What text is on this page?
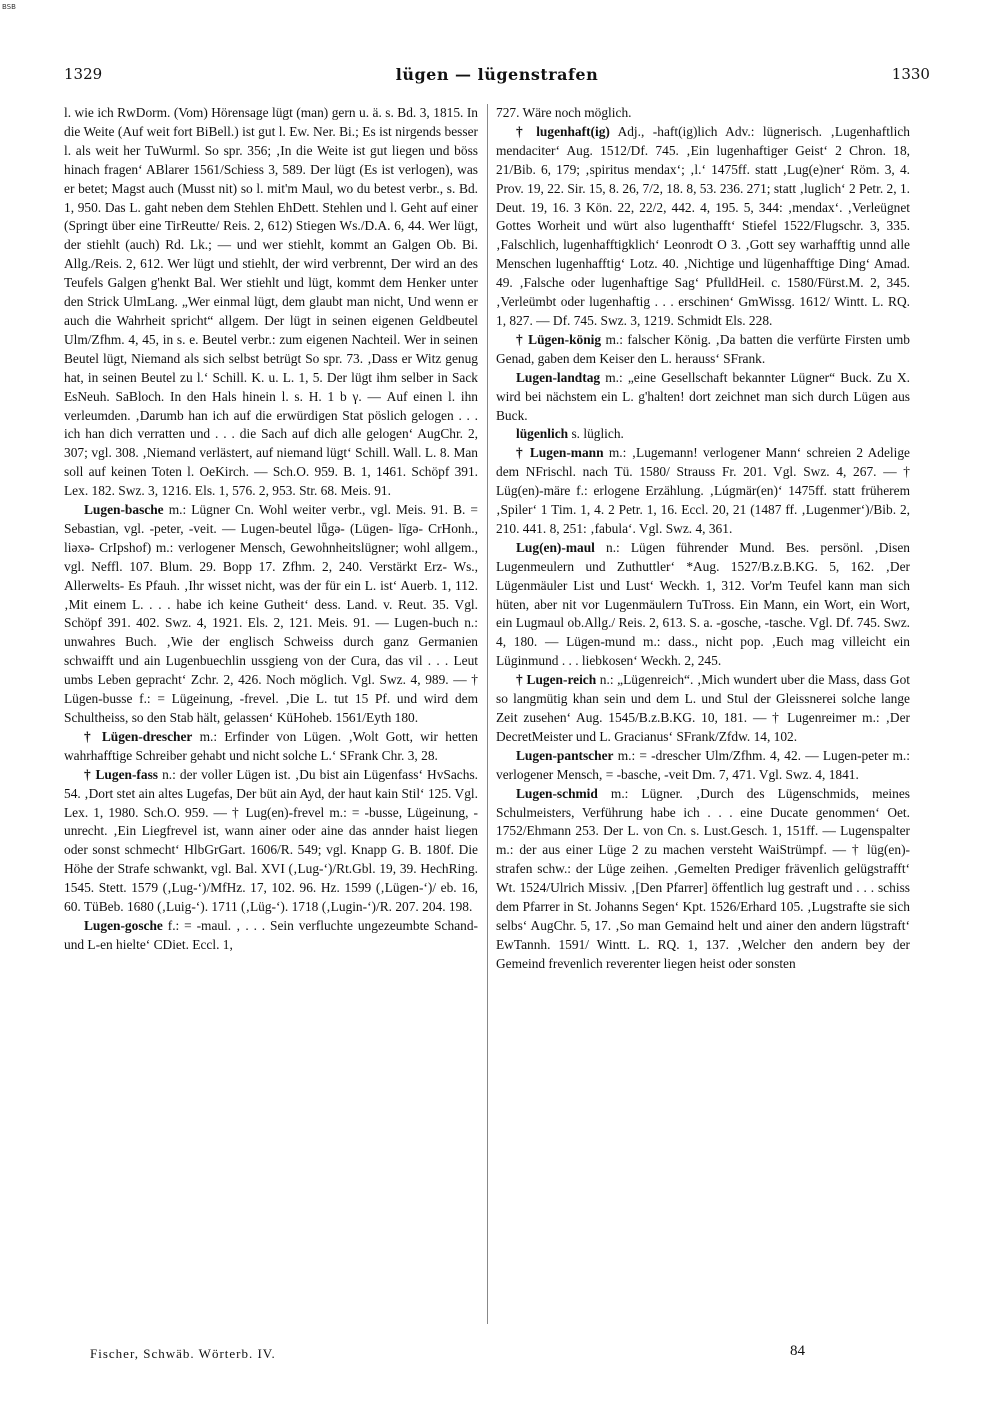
BSB
1329	lügen — lügenstrafen	1330

l. wie ich RwDorm. (Vom) Hörensage lügt (man) gern u. ä. s. Bd. 3, 1815. In die Weite (Auf weit fort BiBell.) ist gut l. Ew. Ner. Bi.; Es ist nirgends besser l. als weit her TuWurml. So spr. 356; ‚In die Weite ist gut liegen und böss hinach fragen‘ ABlarer 1561/Schiess 3, 589. Der lügt (Es ist verlogen), was er betet; Magst auch (Musst nit) so l. mit'm Maul, wo du betest verbr., s. Bd. 1, 950. Das L. gaht neben dem Stehlen EhDett. Stehlen und l. Geht auf einer (Springt über eine TirReutte/ Reis. 2, 612) Stiegen Ws./D.A. 6, 44. Wer lügt, der stiehlt (auch) Rd. Lk.; — und wer stiehlt, kommt an Galgen Ob. Bi. Allg./Reis. 2, 612. Wer lügt und stiehlt, der wird verbrennt, Der wird an des Teufels Galgen g'henkt Bal. Wer stiehlt und lügt, kommt dem Henker unter den Strick UlmLang. „Wer einmal lügt, dem glaubt man nicht, Und wenn er auch die Wahrheit spricht“ allgem. Der lügt in seinen eigenen Geldbeutel Ulm/Zfhm. 4, 45, in s. e. Beutel verbr.: zum eigenen Nachteil. Wer in seinen Beutel lügt, Niemand als sich selbst betrügt So spr. 73. ‚Dass er Witz genug hat, in seinen Beutel zu l.‘ Schill. K. u. L. 1, 5. Der lügt ihm selber in Sack EsNeuh. SaBloch. In den Hals hinein l. s. H. 1 b γ. — Auf einen l. ihn verleumden. ‚Darumb han ich auf die erwürdigen Stat pöslich gelogen . . . ich han dich verratten und . . . die Sach auf dich alle gelogen‘ AugChr. 2, 307; vgl. 308. ‚Niemand verlästert, auf niemand lügt‘ Schill. Wall. L. 8. Man soll auf keinen Toten l. OeKirch. — Sch.O. 959. B. 1, 1461. Schöpf 391. Lex. 182. Swz. 3, 1216. Els. 1, 576. 2, 953. Str. 68. Meis. 91.

Lugen-basche m.: Lügner Cn. Wohl weiter verbr., vgl. Meis. 91. B. = Sebastian, vgl. -peter, -veit. — Lugen-beutel lǖgə- (Lügen- līgə- CrHonh., liəxə- CrIpshof) m.: verlogener Mensch, Gewohnheitslügner; wohl allgem., vgl. Neffl. 107. Blum. 29. Bopp 17. Zfhm. 2, 240. Verstärkt Erz- Ws., Allerwelts- Es Pfauh. ‚Ihr wisset nicht, was der für ein L. ist‘ Auerb. 1, 112. ‚Mit einem L. . . . habe ich keine Gutheit‘ dess. Land. v. Reut. 35. Vgl. Schöpf 391. 402. Swz. 4, 1921. Els. 2, 121. Meis. 91. — Lugen-buch n.: unwahres Buch. ‚Wie der englisch Schweiss durch ganz Germanien schwaifft und ain Lugenbuechlin ussgieng von der Cura, das vil . . . Leut umbs Leben gepracht‘ Zchr. 2, 426. Noch möglich. Vgl. Swz. 4, 989. — † Lügen-busse f.: = Lügeinung, -frevel. ‚Die L. tut 15 Pf. und wird dem Schultheiss, so den Stab hält, gelassen‘ KüHoheb. 1561/Eyth 180.

† Lügen-drescher m.: Erfinder von Lügen. ‚Wolt Gott, wir hetten wahrhafftige Schreiber gehabt und nicht solche L.‘ SFrank Chr. 3, 28.

† Lugen-fass n.: der voller Lügen ist. ‚Du bist ain Lügenfass‘ HvSachs. 54. ‚Dort stet ain altes Lugefas, Der büt ain Ayd, der haut kain Stil‘ 125. Vgl. Lex. 1, 1980. Sch.O. 959. — † Lug(en)-frevel m.: = -busse, Lügeinung, -unrecht. ‚Ein Liegfrevel ist, wann ainer oder aine das annder haist liegen oder sonst schmecht‘ HlbGrGart. 1606/R. 549; vgl. Knapp G. B. 180f. Die Höhe der Strafe schwankt, vgl. Bal. XVI (‚Lug-‘)/Rt.Gbl. 19, 39. HechRing. 1545. Stett. 1579 (‚Lug-‘)/MfHz. 17, 102. 96. Hz. 1599 (‚Lügen-‘)/ eb. 16, 60. TüBeb. 1680 (‚Luig-‘). 1711 (‚Lüg-‘). 1718 (‚Lugin-‘)/R. 207. 204. 198.

Lugen-gosche f.: = -maul. ‚ . . . Sein verfluchte ungezeumbte Schand- und L-en hielte‘ CDiet. Eccl. 1,

727. Wäre noch möglich.

† lugenhaft(ig) Adj., -haft(ig)lich Adv.: lügnerisch. ‚Lugenhaftlich mendaciter‘ Aug. 1512/Df. 745. ‚Ein lugenhaftiger Geist‘ 2 Chron. 18, 21/Bib. 6, 179; ‚spiritus mendax‘; ‚l.‘ 1475ff. statt ‚Lug(e)ner‘ Röm. 3, 4. Prov. 19, 22. Sir. 15, 8. 26, 7/2, 18. 8, 53. 236. 271; statt ‚luglich‘ 2 Petr. 2, 1. Deut. 19, 16. 3 Kön. 22, 22/2, 442. 4, 195. 5, 344: ‚mendax‘. ‚Verleügnet Gottes Worheit und würt also lugenthafft‘ Stiefel 1522/Flugschr. 3, 335. ‚Falschlich, lugenhafftigklich‘ Leonrodt O 3. ‚Gott sey warhafftig unnd alle Menschen lugenhafftig‘ Lotz. 40. ‚Nichtige und lügenhafftige Ding‘ Amad. 49. ‚Falsche oder lugenhaftige Sag‘ PfulldHeil. c. 1580/Fürst.M. 2, 345. ‚Verleümbt oder lugenhaftig . . . erschinen‘ GmWissg. 1612/ Wintt. L. RQ. 1, 827. — Df. 745. Swz. 3, 1219. Schmidt Els. 228.

† Lügen-könig m.: falscher König. ‚Da batten die verfürte Firsten umb Genad, gaben dem Keiser den L. herauss‘ SFrank.

Lugen-landtag m.: „eine Gesellschaft bekannter Lügner“ Buck. Zu X. wird bei nächstem ein L. g'halten! dort zeichnet man sich durch Lügen aus Buck.

lügenlich s. lüglich.

† Lugen-mann m.: ‚Lugemann! verlogener Mann‘ schreien 2 Adelige dem NFrischl. nach Tü. 1580/ Strauss Fr. 201. Vgl. Swz. 4, 267. — † Lüg(en)-märe f.: erlogene Erzählung. ‚Lúgmär(en)‘ 1475ff. statt früherem ‚Spiler‘ 1 Tim. 1, 4. 2 Petr. 1, 16. Eccl. 20, 21 (1487 ff. ‚Lugenmer‘)/Bib. 2, 210. 441. 8, 251: ‚fabula‘. Vgl. Swz. 4, 361.

Lug(en)-maul n.: Lügen führender Mund. Bes. persönl. ‚Disen Lugenmeulern und Zuthuttler‘ *Aug. 1527/B.z.B.KG. 5, 162. ‚Der Lügenmäuler List und Lust‘ Weckh. 1, 312. Vor'm Teufel kann man sich hüten, aber nit vor Lugenmäulern TuTross. Ein Mann, ein Wort, ein Wort, ein Lugmaul ob.Allg./ Reis. 2, 613. S. a. -gosche, -tasche. Vgl. Df. 745. Swz. 4, 180. — Lügen-mund m.: dass., nicht pop. ‚Euch mag villeicht ein Lüginmund . . . liebkosen‘ Weckh. 2, 245.

† Lugen-reich n.: „Lügenreich“. ‚Mich wundert uber die Mass, dass Got so langmütig khan sein und dem L. und Stul der Gleissnerei solche lange Zeit zusehen‘ Aug. 1545/B.z.B.KG. 10, 181. — † Lugenreimer m.: ‚Der DecretMeister und L. Gracianus‘ SFrank/Zfdw. 14, 102.

Lugen-pantscher m.: = -drescher Ulm/Zfhm. 4, 42. — Lugen-peter m.: verlogener Mensch, = -basche, -veit Dm. 7, 471. Vgl. Swz. 4, 1841.

Lugen-schmid m.: Lügner. ‚Durch des Lügenschmids, meines Schulmeisters, Verführung habe ich . . . eine Ducate genommen‘ Oet. 1752/Ehmann 253. Der L. von Cn. s. Lust.Gesch. 1, 151ff. — Lugenspalter m.: der aus einer Lüge 2 zu machen versteht WaiStrümpf. — † lüg(en)-strafen schw.: der Lüge zeihen. ‚Gemelten Prediger frävenlich gelügstrafft‘ Wt. 1524/Ulrich Missiv. ‚[Den Pfarrer] öffentlich lug gestraft und . . . schiss dem Pfarrer in St. Johanns Segen‘ Kpt. 1526/Erhard 105. ‚Lugstrafte sie sich selbs‘ AugChr. 5, 17. ‚So man Gemaind helt und ainer den andern lügstraft‘ EwTannh. 1591/ Wintt. L. RQ. 1, 137. ‚Welcher den andern bey der Gemeind frevenlich reverenter liegen heist oder sonsten

Fischer, Schwäb. Wörterb. IV.	84
